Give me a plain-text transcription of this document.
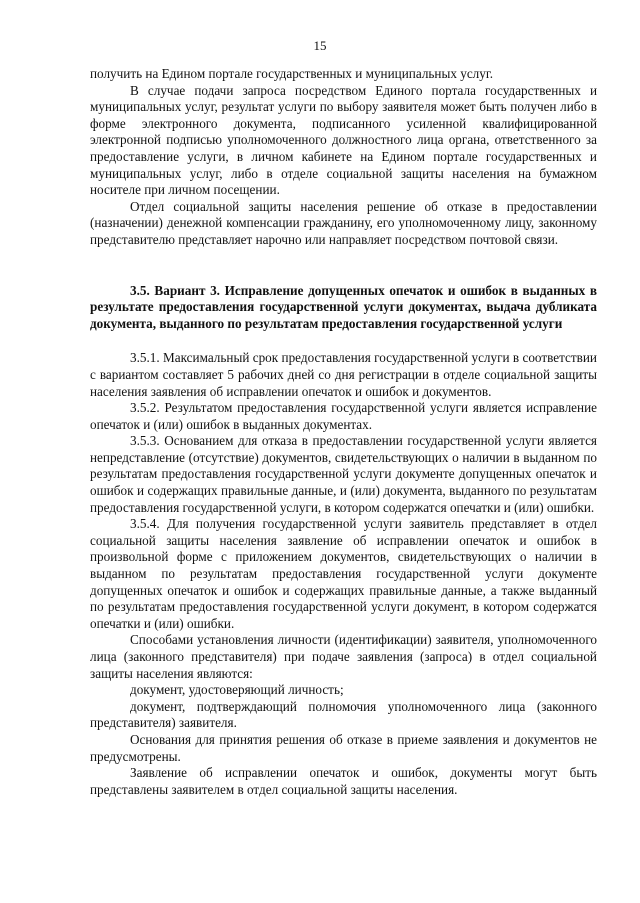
15

получить на Едином портале государственных и муниципальных услуг.

В случае подачи запроса посредством Единого портала государственных и муниципальных услуг, результат услуги по выбору заявителя может быть получен либо в форме электронного документа, подписанного усиленной квалифицированной электронной подписью уполномоченного должностного лица органа, ответственного за предоставление услуги, в личном кабинете на Едином портале государственных и муниципальных услуг, либо в отделе социальной защиты населения на бумажном носителе при личном посещении.

Отдел социальной защиты населения решение об отказе в предоставлении (назначении) денежной компенсации гражданину, его уполномоченному лицу, законному представителю представляет нарочно или направляет посредством почтовой связи.

3.5. Вариант 3. Исправление допущенных опечаток и ошибок в выданных в результате предоставления государственной услуги документах, выдача дубликата документа, выданного по результатам предоставления государственной услуги

3.5.1. Максимальный срок предоставления государственной услуги в соответствии с вариантом составляет 5 рабочих дней со дня регистрации в отделе социальной защиты населения заявления об исправлении опечаток и ошибок и документов.

3.5.2. Результатом предоставления государственной услуги является исправление опечаток и (или) ошибок в выданных документах.

3.5.3. Основанием для отказа в предоставлении государственной услуги является непредставление (отсутствие) документов, свидетельствующих о наличии в выданном по результатам предоставления государственной услуги документе допущенных опечаток и ошибок и содержащих правильные данные, и (или) документа, выданного по результатам предоставления государственной услуги, в котором содержатся опечатки и (или) ошибки.

3.5.4. Для получения государственной услуги заявитель представляет в отдел социальной защиты населения заявление об исправлении опечаток и ошибок в произвольной форме с приложением документов, свидетельствующих о наличии в выданном по результатам предоставления государственной услуги документе допущенных опечаток и ошибок и содержащих правильные данные, а также выданный по результатам предоставления государственной услуги документ, в котором содержатся опечатки и (или) ошибки.

Способами установления личности (идентификации) заявителя, уполномоченного лица (законного представителя) при подаче заявления (запроса) в отдел социальной защиты населения являются:

документ, удостоверяющий личность;

документ, подтверждающий полномочия уполномоченного лица (законного представителя) заявителя.

Основания для принятия решения об отказе в приеме заявления и документов не предусмотрены.

Заявление об исправлении опечаток и ошибок, документы могут быть представлены заявителем в отдел социальной защиты населения.
